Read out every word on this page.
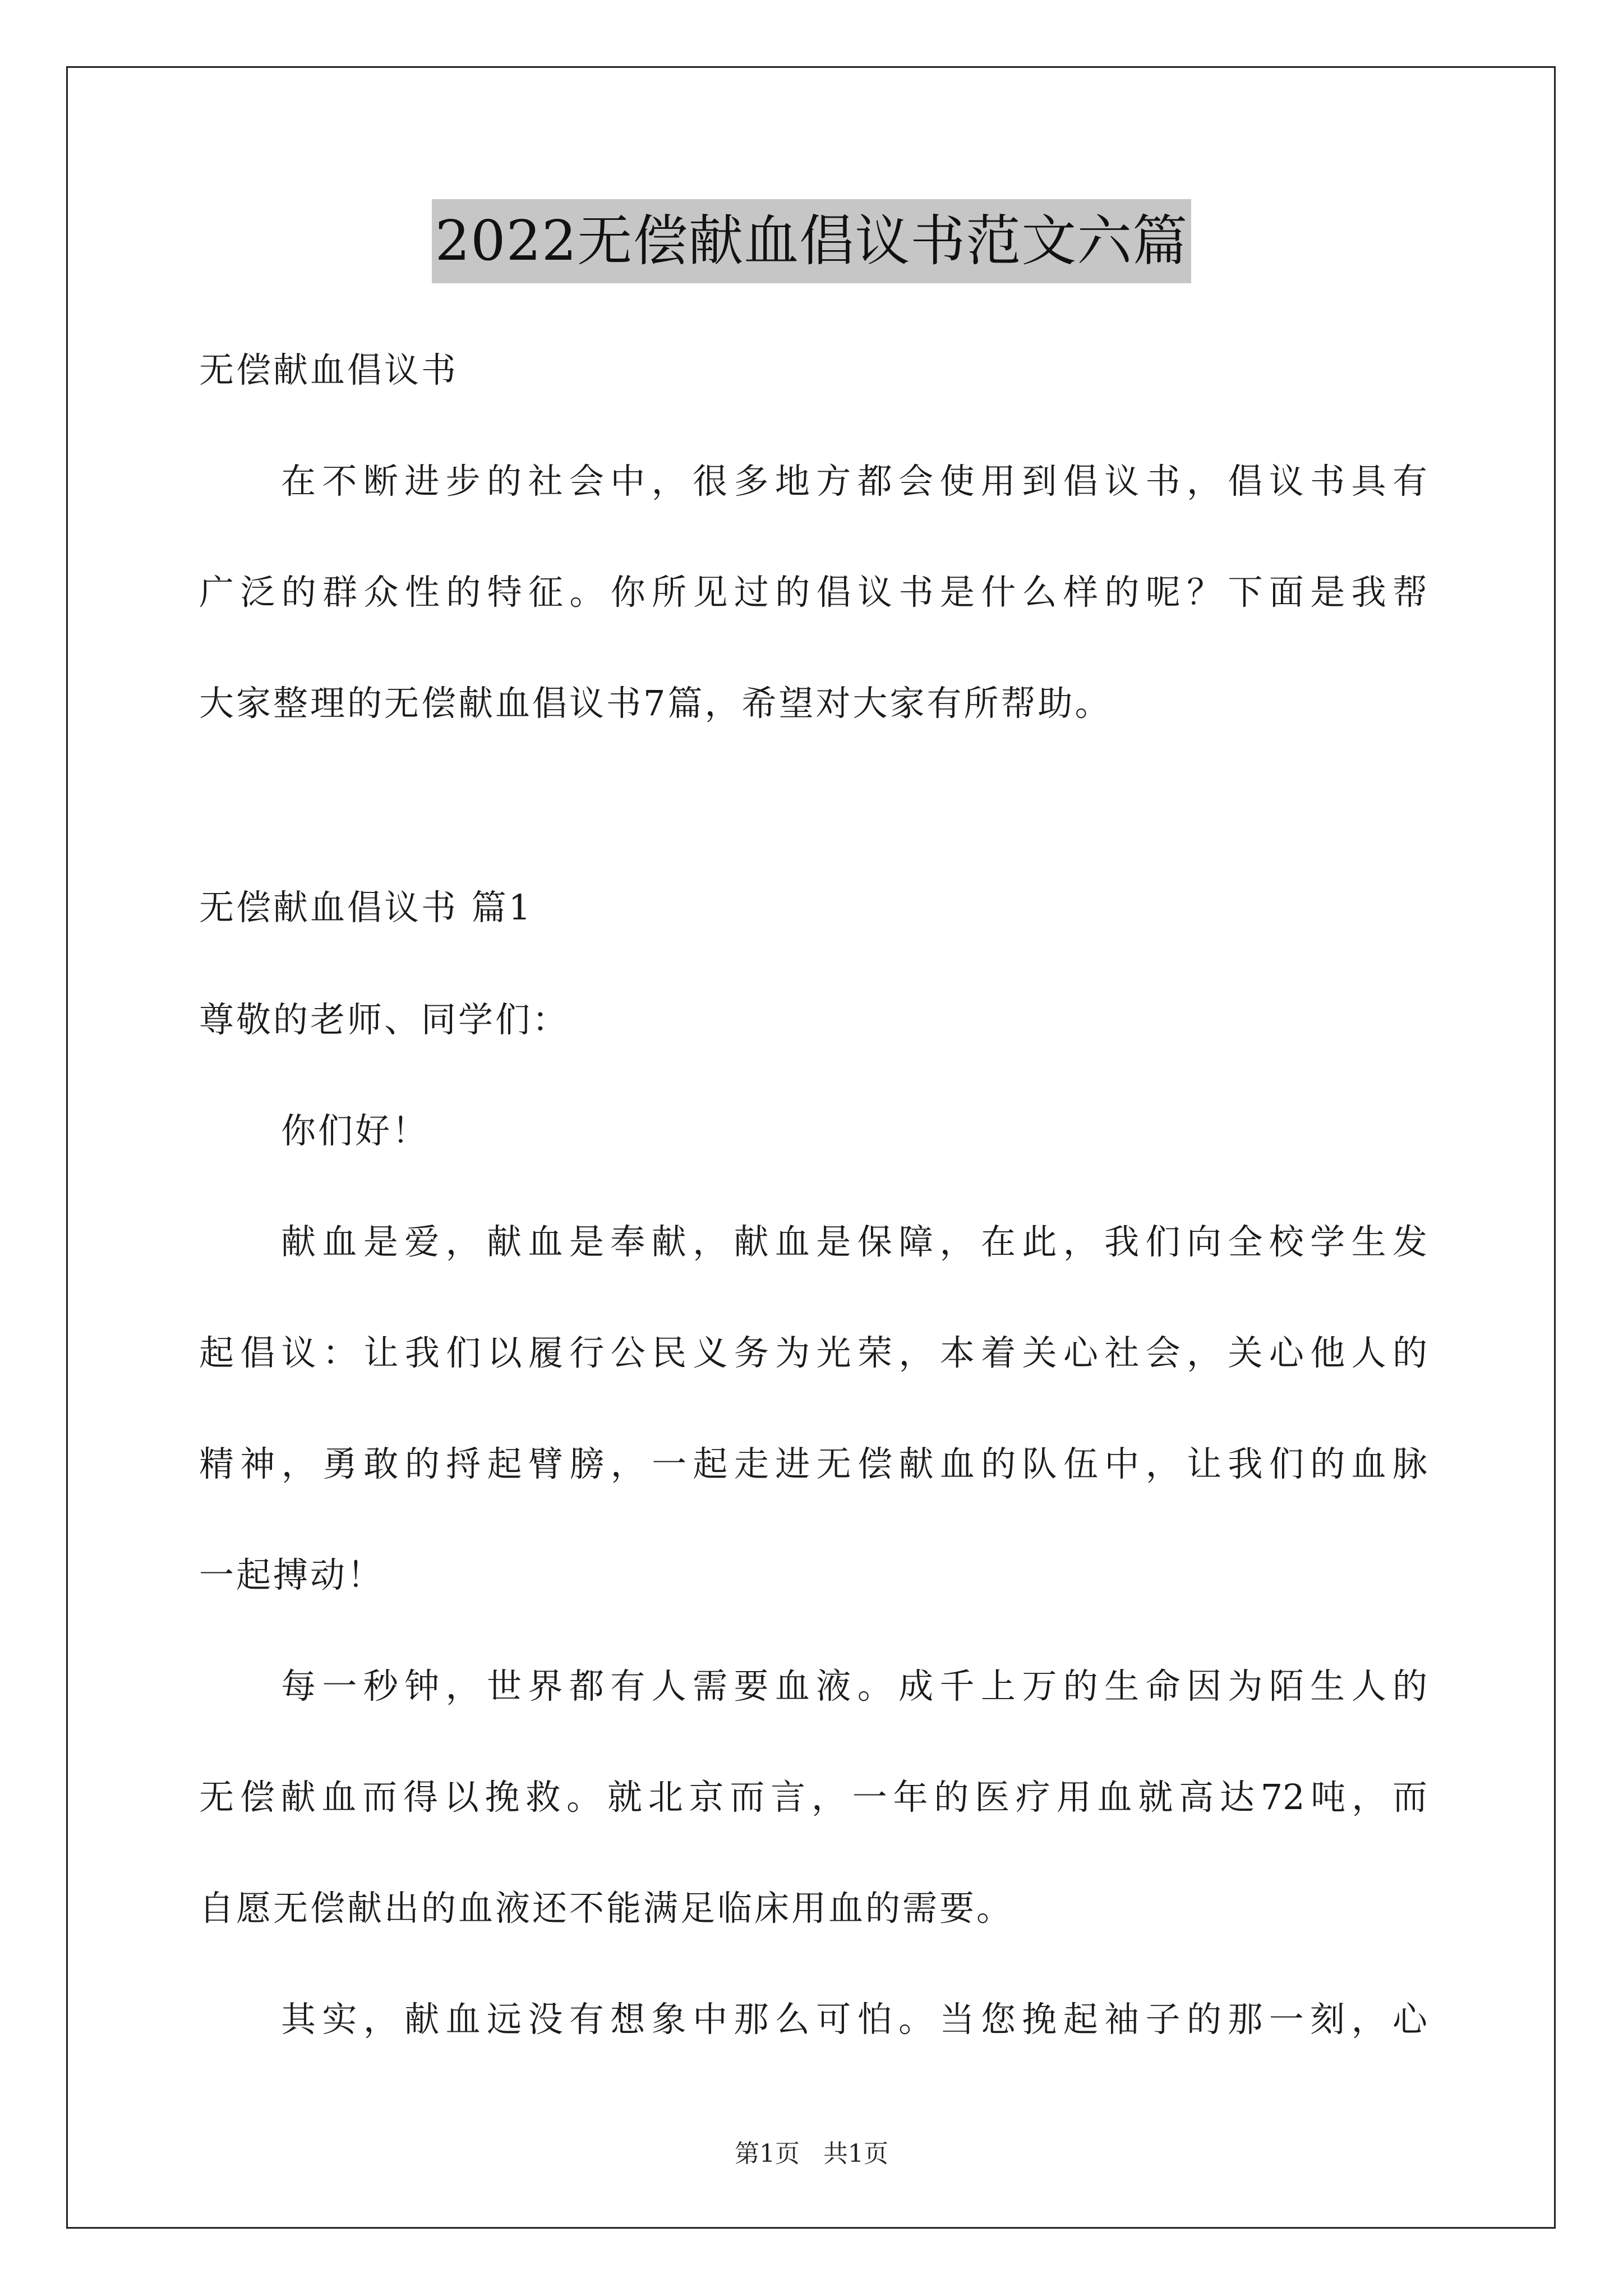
2022无偿献血倡议书范文六篇
无偿献血倡议书
在不断进步的社会中，很多地方都会使用到倡议书，倡议书具有
广泛的群众性的特征。你所见过的倡议书是什么样的呢？下面是我帮
大家整理的无偿献血倡议书7篇，希望对大家有所帮助。
无偿献血倡议书 篇1
尊敬的老师、同学们：
你们好！
献血是爱，献血是奉献，献血是保障，在此，我们向全校学生发
起倡议：让我们以履行公民义务为光荣，本着关心社会，关心他人的
精神，勇敢的捋起臂膀，一起走进无偿献血的队伍中，让我们的血脉
一起搏动！
每一秒钟，世界都有人需要血液。成千上万的生命因为陌生人的
无偿献血而得以挽救。就北京而言，一年的医疗用血就高达72吨，而
自愿无偿献出的血液还不能满足临床用血的需要。
其实，献血远没有想象中那么可怕。当您挽起袖子的那一刻，心
第1页 共1页
